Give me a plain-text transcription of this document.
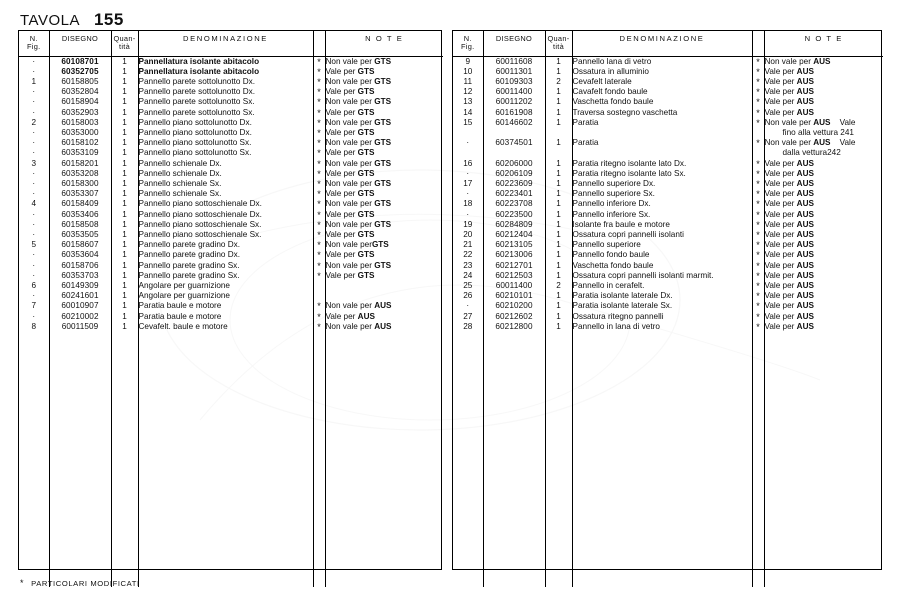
TAVOLA 155
N.
Fig.	DISEGNO	Quan-
tità	DENOMINAZIONE		N O T E
·	60108701	1	Pannellatura isolante abitacolo	*	Non vale per GTS
·	60352705	1	Pannellatura isolante abitacolo	*	Vale per GTS
1	60158805	1	Pannello parete sottolunotto Dx.	*	Non vale per GTS
·	60352804	1	Pannello parete sottolunotto Dx.	*	Vale per GTS
·	60158904	1	Pannello parete sottolunotto Sx.	*	Non vale per GTS
·	60352903	1	Pannello parete sottolunotto Sx.	*	Vale per GTS
2	60158003	1	Pannello piano sottolunotto Dx.	*	Non vale per GTS
·	60353000	1	Pannello piano sottolunotto Dx.	*	Vale per GTS
·	60158102	1	Pannello piano sottolunotto Sx.	*	Non vale per GTS
·	60353109	1	Pannello piano sottolunotto Sx.	*	Vale per GTS
3	60158201	1	Pannello schienale Dx.	*	Non vale per GTS
·	60353208	1	Pannello schienale Dx.	*	Vale per GTS
·	60158300	1	Pannello schienale Sx.	*	Non vale per GTS
·	60353307	1	Pannello schienale Sx.	*	Vale per GTS
4	60158409	1	Pannello piano sottoschienale Dx.	*	Non vale per GTS
·	60353406	1	Pannello piano sottoschienale Dx.	*	Vale per GTS
·	60158508	1	Pannello piano sottoschienale Sx.	*	Non vale per GTS
·	60353505	1	Pannello piano sottoschienale Sx.	*	Vale per GTS
5	60158607	1	Pannello parete gradino Dx.	*	Non vale perGTS
·	60353604	1	Pannello parete gradino Dx.	*	Vale per GTS
·	60158706	1	Pannello parete gradino Sx.	*	Non vale per GTS
·	60353703	1	Pannello parete gradino Sx.	*	Vale per GTS
6	60149309	1	Angolare per guarnizione		
·	60241601	1	Angolare per guarnizione		
7	60010907	1	Paratia baule e motore	*	Non vale per AUS
·	60210002	1	Paratia baule e motore	*	Vale per AUS
8	60011509	1	Cevafelt. baule e motore	*	Non vale per AUS

N.
Fig.	DISEGNO	Quan-
tità	DENOMINAZIONE		N O T E
9	60011608	1	Pannello lana di vetro	*	Non vale per AUS
10	60011301	1	Ossatura in alluminio	*	Vale per AUS
11	60109303	2	Cevafelt laterale	*	Vale per AUS
12	60011400	1	Cavafelt fondo baule	*	Vale per AUS
13	60011202	1	Vaschetta fondo baule	*	Vale per AUS
14	60161908	1	Traversa sostegno vaschetta	*	Vale per AUS
15	60146602	1	Paratia	*	Non vale per AUS    Vale
					fino alla vettura 241
·	60374501	1	Paratia	*	Non vale per AUS    Vale
					dalla vettura242
16	60206000	1	Paratia ritegno isolante lato Dx.	*	Vale per AUS
·	60206109	1	Paratia ritegno isolante lato Sx.	*	Vale per AUS
17	60223609	1	Pannello superiore Dx.	*	Vale per AUS
·	60223401	1	Pannello superiore Sx.	*	Vale per AUS
18	60223708	1	Pannello inferiore Dx.	*	Vale per AUS
·	60223500	1	Pannello inferiore Sx.	*	Vale per AUS
19	60284809	1	Isolante fra baule e motore	*	Vale per AUS
20	60212404	1	Ossatura copri pannelli isolanti	*	Vale per AUS
21	60213105	1	Pannello superiore	*	Vale per AUS
22	60213006	1	Pannello fondo baule	*	Vale per AUS
23	60212701	1	Vaschetta fondo baule	*	Vale per AUS
24	60212503	1	Ossatura copri pannelli isolanti marmit.	*	Vale per AUS
25	60011400	2	Pannello in cerafelt.	*	Vale per AUS
26	60210101	1	Paratia isolante laterale Dx.	*	Vale per AUS
·	60210200	1	Paratia isolante laterale Sx.	*	Vale per AUS
27	60212602	1	Ossatura ritegno pannelli	*	Vale per AUS
28	60212800	1	Pannello in lana di vetro	*	Vale per AUS

* PARTICOLARI MODIFICATI
